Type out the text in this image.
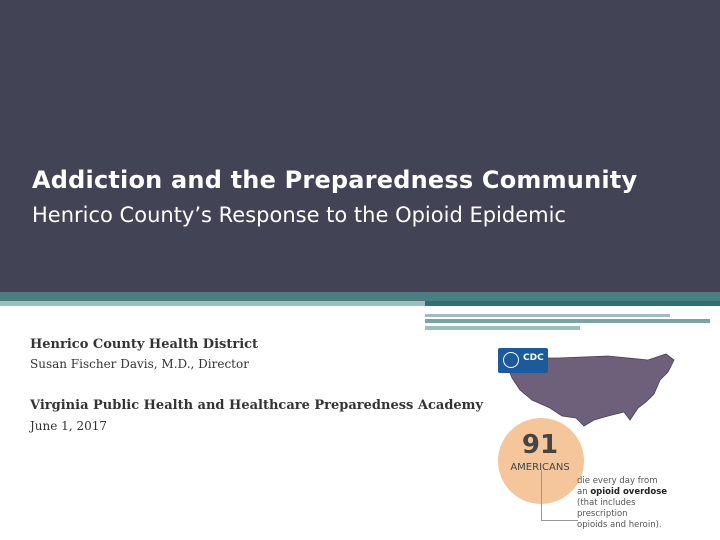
Addiction and the Preparedness Community
Henrico County’s Response to the Opioid Epidemic
Henrico County Health District
Susan Fischer Davis, M.D., Director
Virginia Public Health and Healthcare Preparedness Academy
June 1, 2017
CDC
91
AMERICANS
die every day from
an opioid overdose
(that includes prescription
opioids and heroin).
